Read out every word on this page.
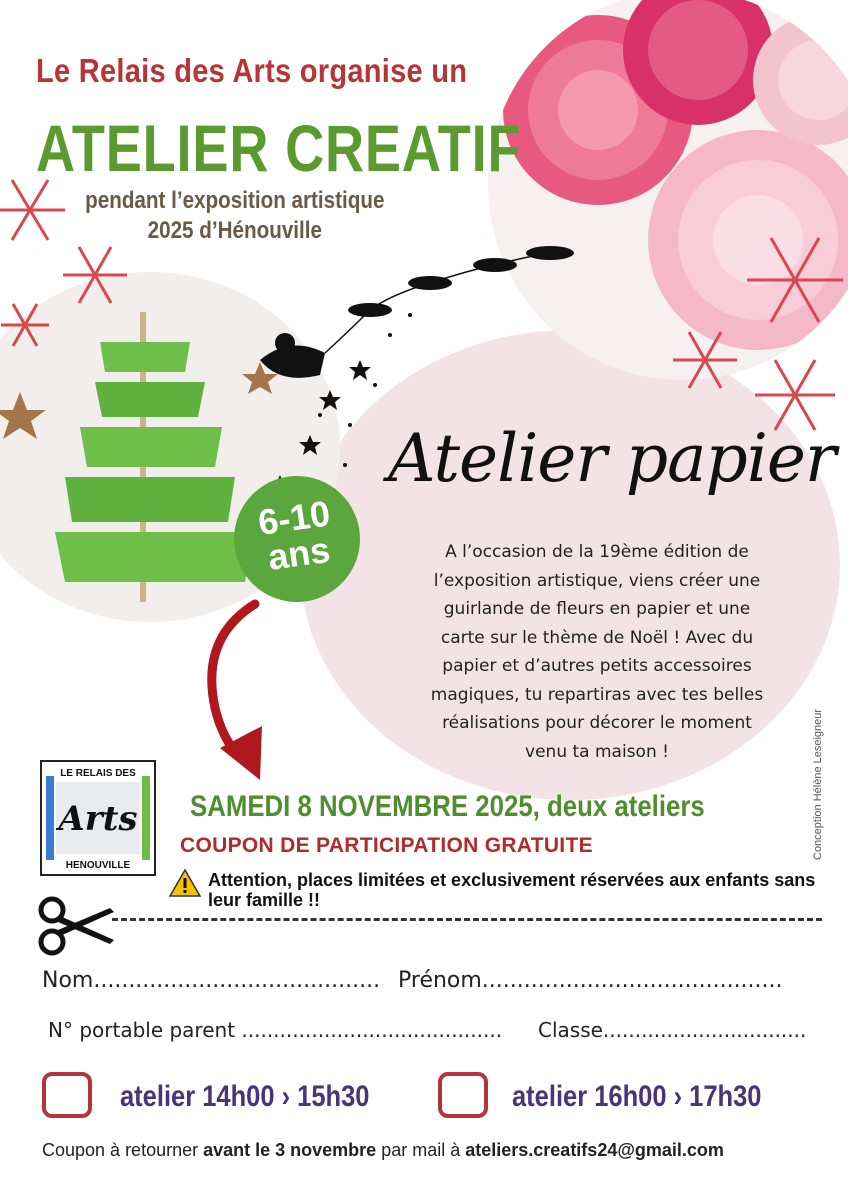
Le Relais des Arts organise un
ATELIER CREATIF
pendant l’exposition artistique
2025 d’Hénouville
6-10
ans
Atelier papier
A l’occasion de la 19ème édition de
l’exposition artistique, viens créer une
guirlande de fleurs en papier et une
carte sur le thème de Noël ! Avec du
papier et d’autres petits accessoires
magiques, tu repartiras avec tes belles
réalisations pour décorer le moment
venu ta maison !	Conception Hélène Leseigneur
LE RELAIS DES
Arts
HENOUVILLE
SAMEDI 8 NOVEMBRE 2025, deux ateliers
COUPON DE PARTICIPATION GRATUITE
Attention, places limitées et exclusivement réservées aux enfants sans leur famille !!
Nom......................................... Prénom...........................................
N° portable parent ......................................... Classe................................
atelier 14h00 › 15h30	atelier 16h00 › 17h30
Coupon à retourner avant le 3 novembre par mail à ateliers.creatifs24@gmail.com
